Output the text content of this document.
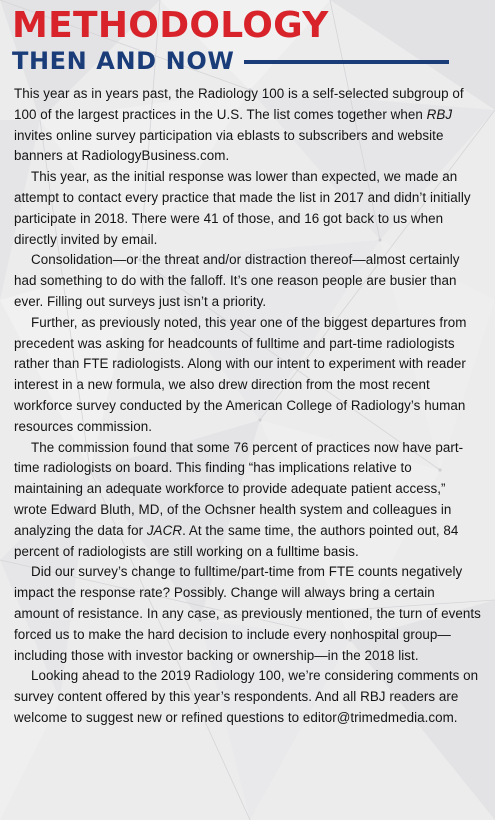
METHODOLOGY
THEN AND NOW

This year as in years past, the Radiology 100 is a self-selected subgroup of 100 of the largest practices in the U.S. The list comes together when RBJ invites online survey participation via eblasts to subscribers and website banners at RadiologyBusiness.com.

This year, as the initial response was lower than expected, we made an attempt to contact every practice that made the list in 2017 and didn’t initially participate in 2018. There were 41 of those, and 16 got back to us when directly invited by email.

Consolidation—or the threat and/or distraction thereof—almost certainly had something to do with the falloff. It’s one reason people are busier than ever. Filling out surveys just isn’t a priority.

Further, as previously noted, this year one of the biggest departures from precedent was asking for headcounts of fulltime and part-time radiologists rather than FTE radiologists. Along with our intent to experiment with reader interest in a new formula, we also drew direction from the most recent workforce survey conducted by the American College of Radiology’s human resources commission.

The commission found that some 76 percent of practices now have part-time radiologists on board. This finding “has implications relative to maintaining an adequate workforce to provide adequate patient access,” wrote Edward Bluth, MD, of the Ochsner health system and colleagues in analyzing the data for JACR. At the same time, the authors pointed out, 84 percent of radiologists are still working on a fulltime basis.

Did our survey’s change to fulltime/part-time from FTE counts negatively impact the response rate? Possibly. Change will always bring a certain amount of resistance. In any case, as previously mentioned, the turn of events forced us to make the hard decision to include every nonhospital group—including those with investor backing or ownership—in the 2018 list.

Looking ahead to the 2019 Radiology 100, we’re considering comments on survey content offered by this year’s respondents. And all RBJ readers are welcome to suggest new or refined questions to editor@trimedmedia.com.
